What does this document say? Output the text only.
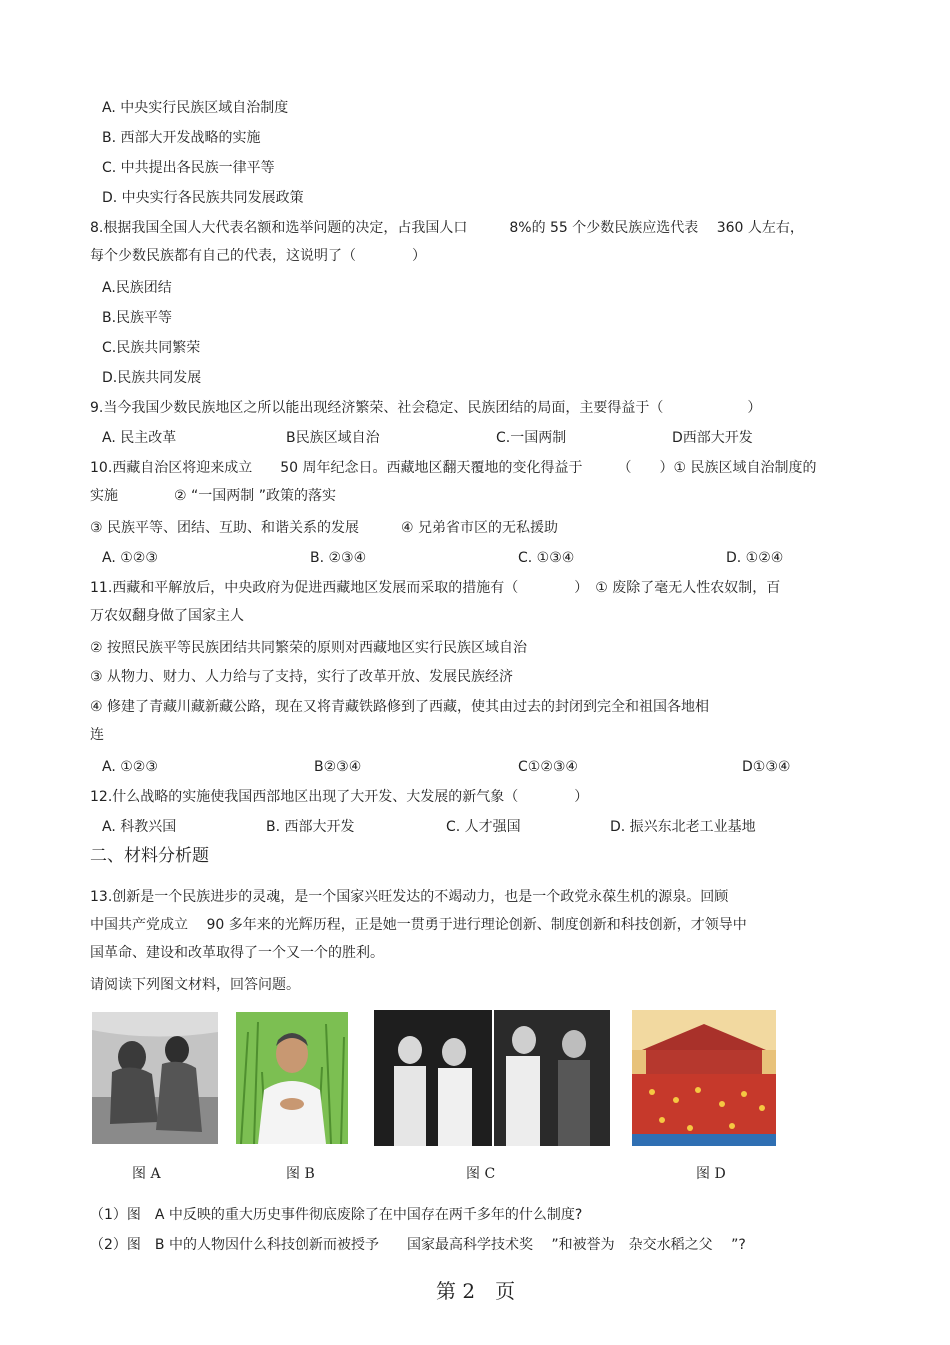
A. 中央实行民族区域自治制度
B. 西部大开发战略的实施
C. 中共提出各民族一律平等
D. 中央实行各民族共同发展政策
8.根据我国全国人大代表名额和选举问题的决定，占我国人口　　　8%的 55 个少数民族应选代表　 360 人左右，
每个少数民族都有自己的代表，这说明了（　　　　）
A.民族团结
B.民族平等
C.民族共同繁荣
D.民族共同发展
9.当今我国少数民族地区之所以能出现经济繁荣、社会稳定、民族团结的局面，主要得益于（　　　　　　）
A. 民主改革	B民族区域自治	C.一国两制	D西部大开发
10.西藏自治区将迎来成立　　50 周年纪念日。西藏地区翻天覆地的变化得益于　　　（　　）① 民族区域自治制度的
实施　　　　② “一国两制 ”政策的落实
③ 民族平等、团结、互助、和谐关系的发展　　　④ 兄弟省市区的无私援助
A. ①②③	B. ②③④	C. ①③④	D. ①②④
11.西藏和平解放后，中央政府为促进西藏地区发展而采取的措施有（　　　　）　① 废除了毫无人性农奴制，百
万农奴翻身做了国家主人
② 按照民族平等民族团结共同繁荣的原则对西藏地区实行民族区域自治
③ 从物力、财力、人力给与了支持，实行了改革开放、发展民族经济
④ 修建了青藏川藏新藏公路，现在又将青藏铁路修到了西藏，使其由过去的封闭到完全和祖国各地相
连
A. ①②③	B②③④	C①②③④	D①③④
12.什么战略的实施使我国西部地区出现了大开发、大发展的新气象（　　　　）
A. 科教兴国	B. 西部大开发	C. 人才强国	D. 振兴东北老工业基地
二、材料分析题
13.创新是一个民族进步的灵魂，是一个国家兴旺发达的不竭动力，也是一个政党永葆生机的源泉。回顾
中国共产党成立　 90 多年来的光辉历程，正是她一贯勇于进行理论创新、制度创新和科技创新，才领导中
国革命、建设和改革取得了一个又一个的胜利。
请阅读下列图文材料，回答问题。
图 A	图 B	图 C	图 D
（1）图　A 中反映的重大历史事件彻底废除了在中国存在两千多年的什么制度?
（2）图　B 中的人物因什么科技创新而被授予　　国家最高科学技术奖　 ”和被誉为　杂交水稻之父　 ”?
第 2　页
